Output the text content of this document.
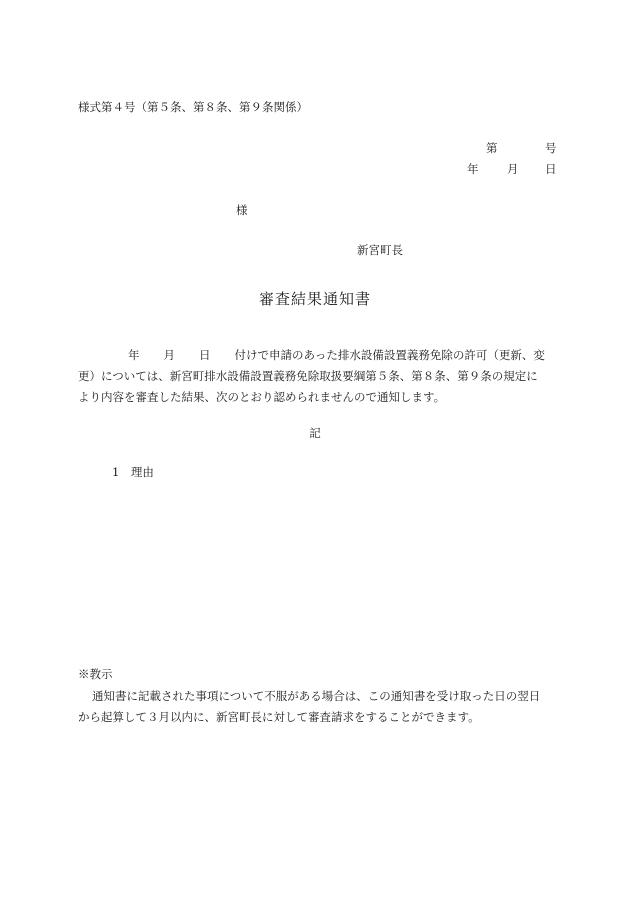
様式第４号（第５条、第８条、第９条関係）
第	号
年 月 日
様
新宮町長
審査結果通知書
年 月 日 付けで申請のあった排水設備設置義務免除の許可（更新、変
更）については、新宮町排水設備設置義務免除取扱要綱第５条、第８条、第９条の規定に
より内容を審査した結果、次のとおり認められませんので通知します。
記
1　理由
※教示
通知書に記載された事項について不服がある場合は、この通知書を受け取った日の翌日
から起算して３月以内に、新宮町長に対して審査請求をすることができます。
